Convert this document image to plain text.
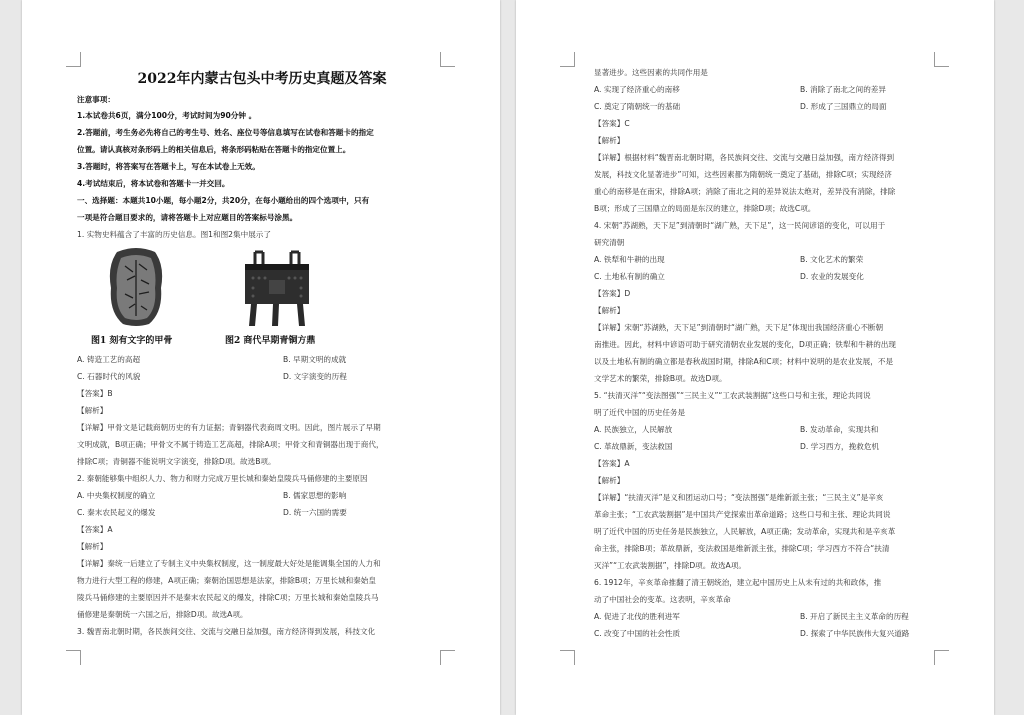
2022年内蒙古包头中考历史真题及答案
注意事项：
1.本试卷共6页，满分100分，考试时间为90分钟 。
2.答题前，考生务必先将自己的考生号、姓名、座位号等信息填写在试卷和答题卡的指定
位置。请认真核对条形码上的相关信息后，将条形码粘贴在答题卡的指定位置上。
3.答题时，将答案写在答题卡上，写在本试卷上无效。
4.考试结束后，将本试卷和答题卡一并交回。
一、选择题：本题共10小题，每小题2分，共20分，在每小题给出的四个选项中，只有
一项是符合题目要求的，请将答题卡上对应题目的答案标号涂黑。
1. 实物史料蕴含了丰富的历史信息。图1和图2集中展示了
图1 刻有文字的甲骨	图2 商代早期青铜方鼎
A. 铸造工艺的高超	B. 早期文明的成就
C. 石器时代的风貌	D. 文字演变的历程
【答案】B
【解析】
【详解】甲骨文是记载商朝历史的有力证据；青铜器代表商周文明。因此，图片展示了早期
文明成就，B项正确；甲骨文不属于铸造工艺高超，排除A项；甲骨文和青铜器出现于商代，
排除C项；青铜器不能说明文字演变，排除D项。故选B项。
2. 秦朝能够集中组织人力、物力和财力完成万里长城和秦始皇陵兵马俑修建的主要原因
A. 中央集权制度的确立	B. 儒家思想的影响
C. 秦末农民起义的爆发	D. 统一六国的需要
【答案】A
【解析】
【详解】秦统一后建立了专制主义中央集权制度，这一制度最大好处是能调集全国的人力和
物力进行大型工程的修建，A项正确；秦朝治国思想是法家，排除B项；万里长城和秦始皇
陵兵马俑修建的主要原因并不是秦末农民起义的爆发，排除C项；万里长城和秦始皇陵兵马
俑修建是秦朝统一六国之后，排除D项。故选A项。
3. 魏晋南北朝时期，各民族间交往、交流与交融日益加强，南方经济得到发展，科技文化
显著进步。这些因素的共同作用是
A. 实现了经济重心的南移	B. 消除了南北之间的差异
C. 奠定了隋朝统一的基础	D. 形成了三国鼎立的局面
【答案】C
【解析】
【详解】根据材料“魏晋南北朝时期，各民族间交往、交流与交融日益加强，南方经济得到
发展，科技文化显著进步”可知，这些因素都为隋朝统一奠定了基础，排除C项；实现经济
重心的南移是在南宋，排除A项；消除了南北之间的差异说法太绝对，差异没有消除，排除
B项；形成了三国鼎立的局面是东汉的建立，排除D项；故选C项。
4. 宋朝“苏湖熟，天下足”到清朝时“湖广熟，天下足”，这一民间谚语的变化，可以用于
研究清朝
A. 铁犁和牛耕的出现	B. 文化艺术的繁荣
C. 土地私有制的确立	D. 农业的发展变化
【答案】D
【解析】
【详解】宋朝“苏湖熟，天下足”到清朝时“湖广熟，天下足”体现出我国经济重心不断朝
南推进。因此，材料中谚语可助于研究清朝农业发展的变化，D项正确；铁犁和牛耕的出现
以及土地私有制的确立都是春秋战国时期，排除A和C项；材料中说明的是农业发展，不是
文学艺术的繁荣，排除B项。故选D项。
5. “扶清灭洋”“变法图强”“三民主义”“工农武装割据”这些口号和主张，理论共同说
明了近代中国的历史任务是
A. 民族独立，人民解放	B. 发动革命，实现共和
C. 革故鼎新，变法救国	D. 学习西方，挽救危机
【答案】A
【解析】
【详解】“扶清灭洋”是义和团运动口号；“变法图强”是维新派主张；“三民主义”是辛亥
革命主张；“工农武装割据”是中国共产党探索出革命道路；这些口号和主张、理论共同说
明了近代中国的历史任务是民族独立，人民解放，A项正确；发动革命，实现共和是辛亥革
命主张，排除B项；革故鼎新，变法救国是维新派主张，排除C项；学习西方不符合“扶清
灭洋”“工农武装割据”，排除D项。故选A项。
6. 1912年，辛亥革命推翻了清王朝统治，建立起中国历史上从未有过的共和政体，推
动了中国社会的变革。这表明，辛亥革命
A. 促进了北伐的胜利进军	B. 开启了新民主主义革命的历程
C. 改变了中国的社会性质	D. 探索了中华民族伟大复兴道路
